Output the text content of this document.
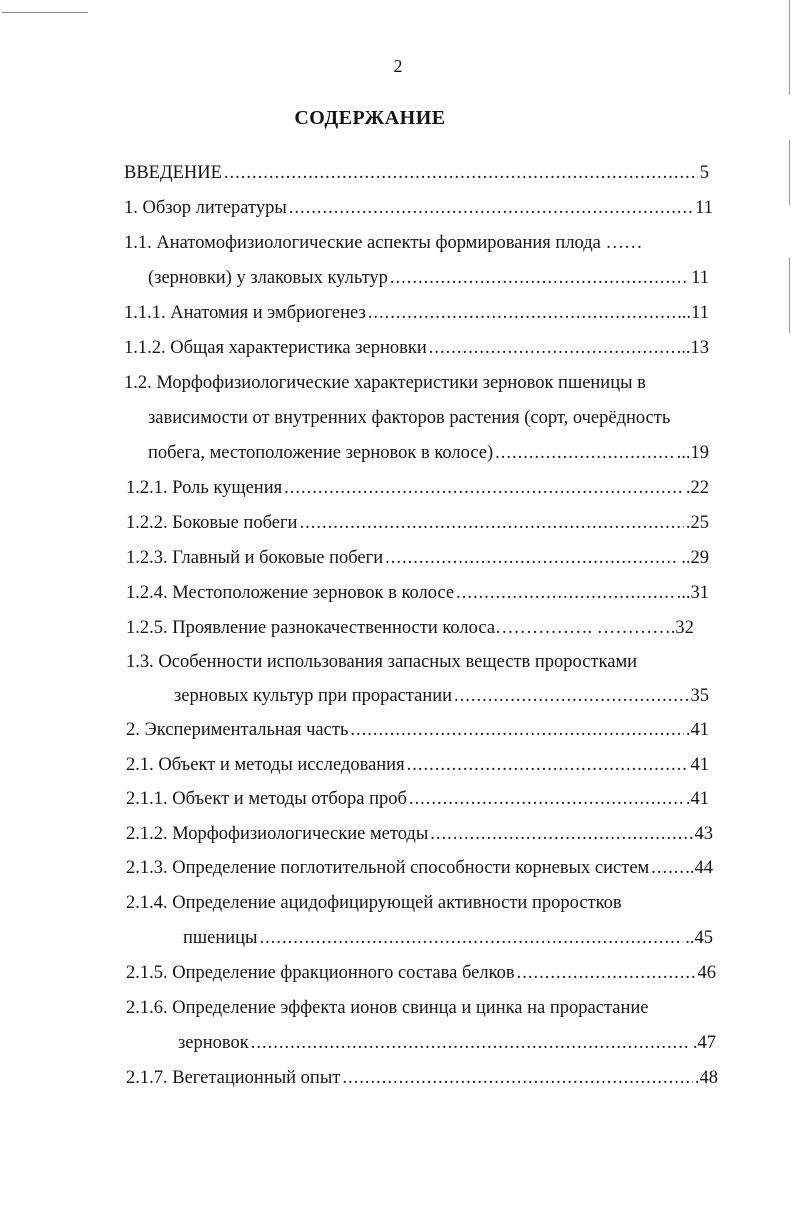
2
СОДЕРЖАНИЕ
ВВЕДЕНИЕ .....	5
1. Обзор литературы .....	11
1.1. Анатомофизиологические аспекты формирования плода ……
(зерновки) у злаковых культур .....	11
1.1.1. Анатомия и эмбриогенез .....	...11
1.1.2. Общая характеристика зерновки .....	...13
1.2. Морфофизиологические характеристики зерновок пшеницы в
зависимости от внутренних факторов растения (сорт, очерёдность
побега, местоположение зерновок в колосе) .....	...19
1.2.1. Роль кущения .....	.22
1.2.2. Боковые побеги .....	.25
1.2.3. Главный и боковые побеги .....	..29
1.2.4. Местоположение зерновок в колосе .....	...31
1.2.5. Проявление разнокачественности колоса……………. ………….32
1.3. Особенности использования запасных веществ проростками
зерновых культур при прорастании .....	35
2. Экспериментальная часть .....	.41
2.1. Объект и методы исследования .....	41
2.1.1. Объект и методы отбора проб .....	.41
2.1.2. Морфофизиологические методы .....	43
2.1.3. Определение поглотительной способности корневых систем ..... ..44
2.1.4. Определение ацидофицирующей активности проростков
пшеницы .....	..45
2.1.5. Определение фракционного состава белков .....	46
2.1.6. Определение эффекта ионов свинца и цинка на прорастание
зерновок .....	.47
2.1.7. Вегетационный опыт .....	.48
